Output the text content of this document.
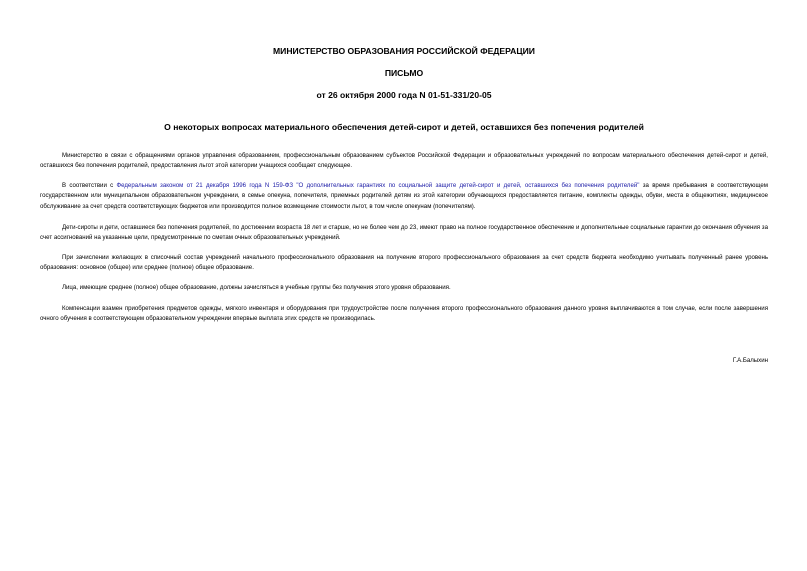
МИНИСТЕРСТВО ОБРАЗОВАНИЯ РОССИЙСКОЙ ФЕДЕРАЦИИ
ПИСЬМО
от 26 октября 2000 года N 01-51-331/20-05
О некоторых вопросах материального обеспечения детей-сирот и детей, оставшихся без попечения родителей

Министерство в связи с обращениями органов управления образованием, профессиональным образованием субъектов Российской Федерации и образовательных учреждений по вопросам материального обеспечения детей-сирот и детей, оставшихся без попечения родителей, предоставления льгот этой категории учащихся сообщает следующее.

В соответствии с Федеральным законом от 21 декабря 1996 года N 159-ФЗ "О дополнительных гарантиях по социальной защите детей-сирот и детей, оставшихся без попечения родителей" за время пребывания в соответствующем государственном или муниципальном образовательном учреждении, в семье опекуна, попечителя, приемных родителей детям из этой категории обучающихся предоставляется питание, комплекты одежды, обуви, места в общежитиях, медицинское обслуживание за счет средств соответствующих бюджетов или производится полное возмещение стоимости льгот, в том числе опекунам (попечителям).

Дети-сироты и дети, оставшиеся без попечения родителей, по достижении возраста 18 лет и старше, но не более чем до 23, имеют право на полное государственное обеспечение и дополнительные социальные гарантии до окончания обучения за счет ассигнований на указанные цели, предусмотренные по сметам очных образовательных учреждений.

При зачислении желающих в списочный состав учреждений начального профессионального образования на получение второго профессионального образования за счет средств бюджета необходимо учитывать полученный ранее уровень образования: основное (общее) или среднее (полное) общее образование.

Лица, имеющие среднее (полное) общее образование, должны зачисляться в учебные группы без получения этого уровня образования.

Компенсации взамен приобретения предметов одежды, мягкого инвентаря и оборудования при трудоустройстве после получения второго профессионального образования данного уровня выплачиваются в том случае, если после завершения очного обучения в соответствующем образовательном учреждении впервые выплата этих средств не производилась.

Г.А.Балыхин
